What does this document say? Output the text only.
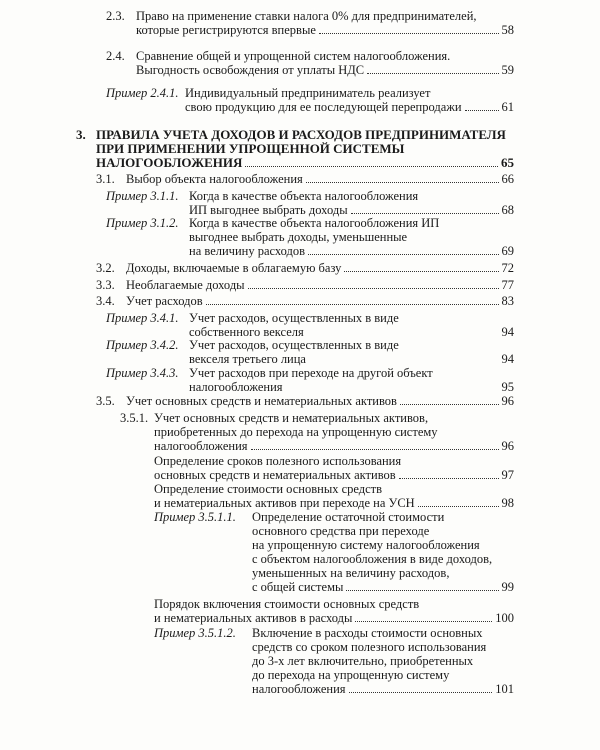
2.3. Право на применение ставки налога 0% для предпринимателей,
которые регистрируются впервые	58
2.4. Сравнение общей и упрощенной систем налогообложения.
Выгодность освобождения от уплаты НДС	59
Пример 2.4.1. Индивидуальный предприниматель реализует
свою продукцию для ее последующей перепродажи	61
3. ПРАВИЛА УЧЕТА ДОХОДОВ И РАСХОДОВ ПРЕДПРИНИМАТЕЛЯ
ПРИ ПРИМЕНЕНИИ УПРОЩЕННОЙ СИСТЕМЫ
НАЛОГООБЛОЖЕНИЯ	65
3.1. Выбор объекта налогообложения	66
Пример 3.1.1. Когда в качестве объекта налогообложения
ИП выгоднее выбрать доходы	68
Пример 3.1.2. Когда в качестве объекта налогообложения ИП
выгоднее выбрать доходы, уменьшенные
на величину расходов	69
3.2. Доходы, включаемые в облагаемую базу	72
3.3. Необлагаемые доходы	77
3.4. Учет расходов	83
Пример 3.4.1. Учет расходов, осуществленных в виде
собственного векселя	94
Пример 3.4.2. Учет расходов, осуществленных в виде
векселя третьего лица	94
Пример 3.4.3. Учет расходов при переходе на другой объект
налогообложения	95
3.5. Учет основных средств и нематериальных активов	96
3.5.1. Учет основных средств и нематериальных активов,
приобретенных до перехода на упрощенную систему
налогообложения	96
Определение сроков полезного использования
основных средств и нематериальных активов	97
Определение стоимости основных средств
и нематериальных активов при переходе на УСН	98
Пример 3.5.1.1.	Определение остаточной стоимости
основного средства при переходе
на упрощенную систему налогообложения
с объектом налогообложения в виде доходов,
уменьшенных на величину расходов,
с общей системы	99
Порядок включения стоимости основных средств
и нематериальных активов в расходы	100
Пример 3.5.1.2.	Включение в расходы стоимости основных
средств со сроком полезного использования
до 3-х лет включительно, приобретенных
до перехода на упрощенную систему
налогообложения	101
